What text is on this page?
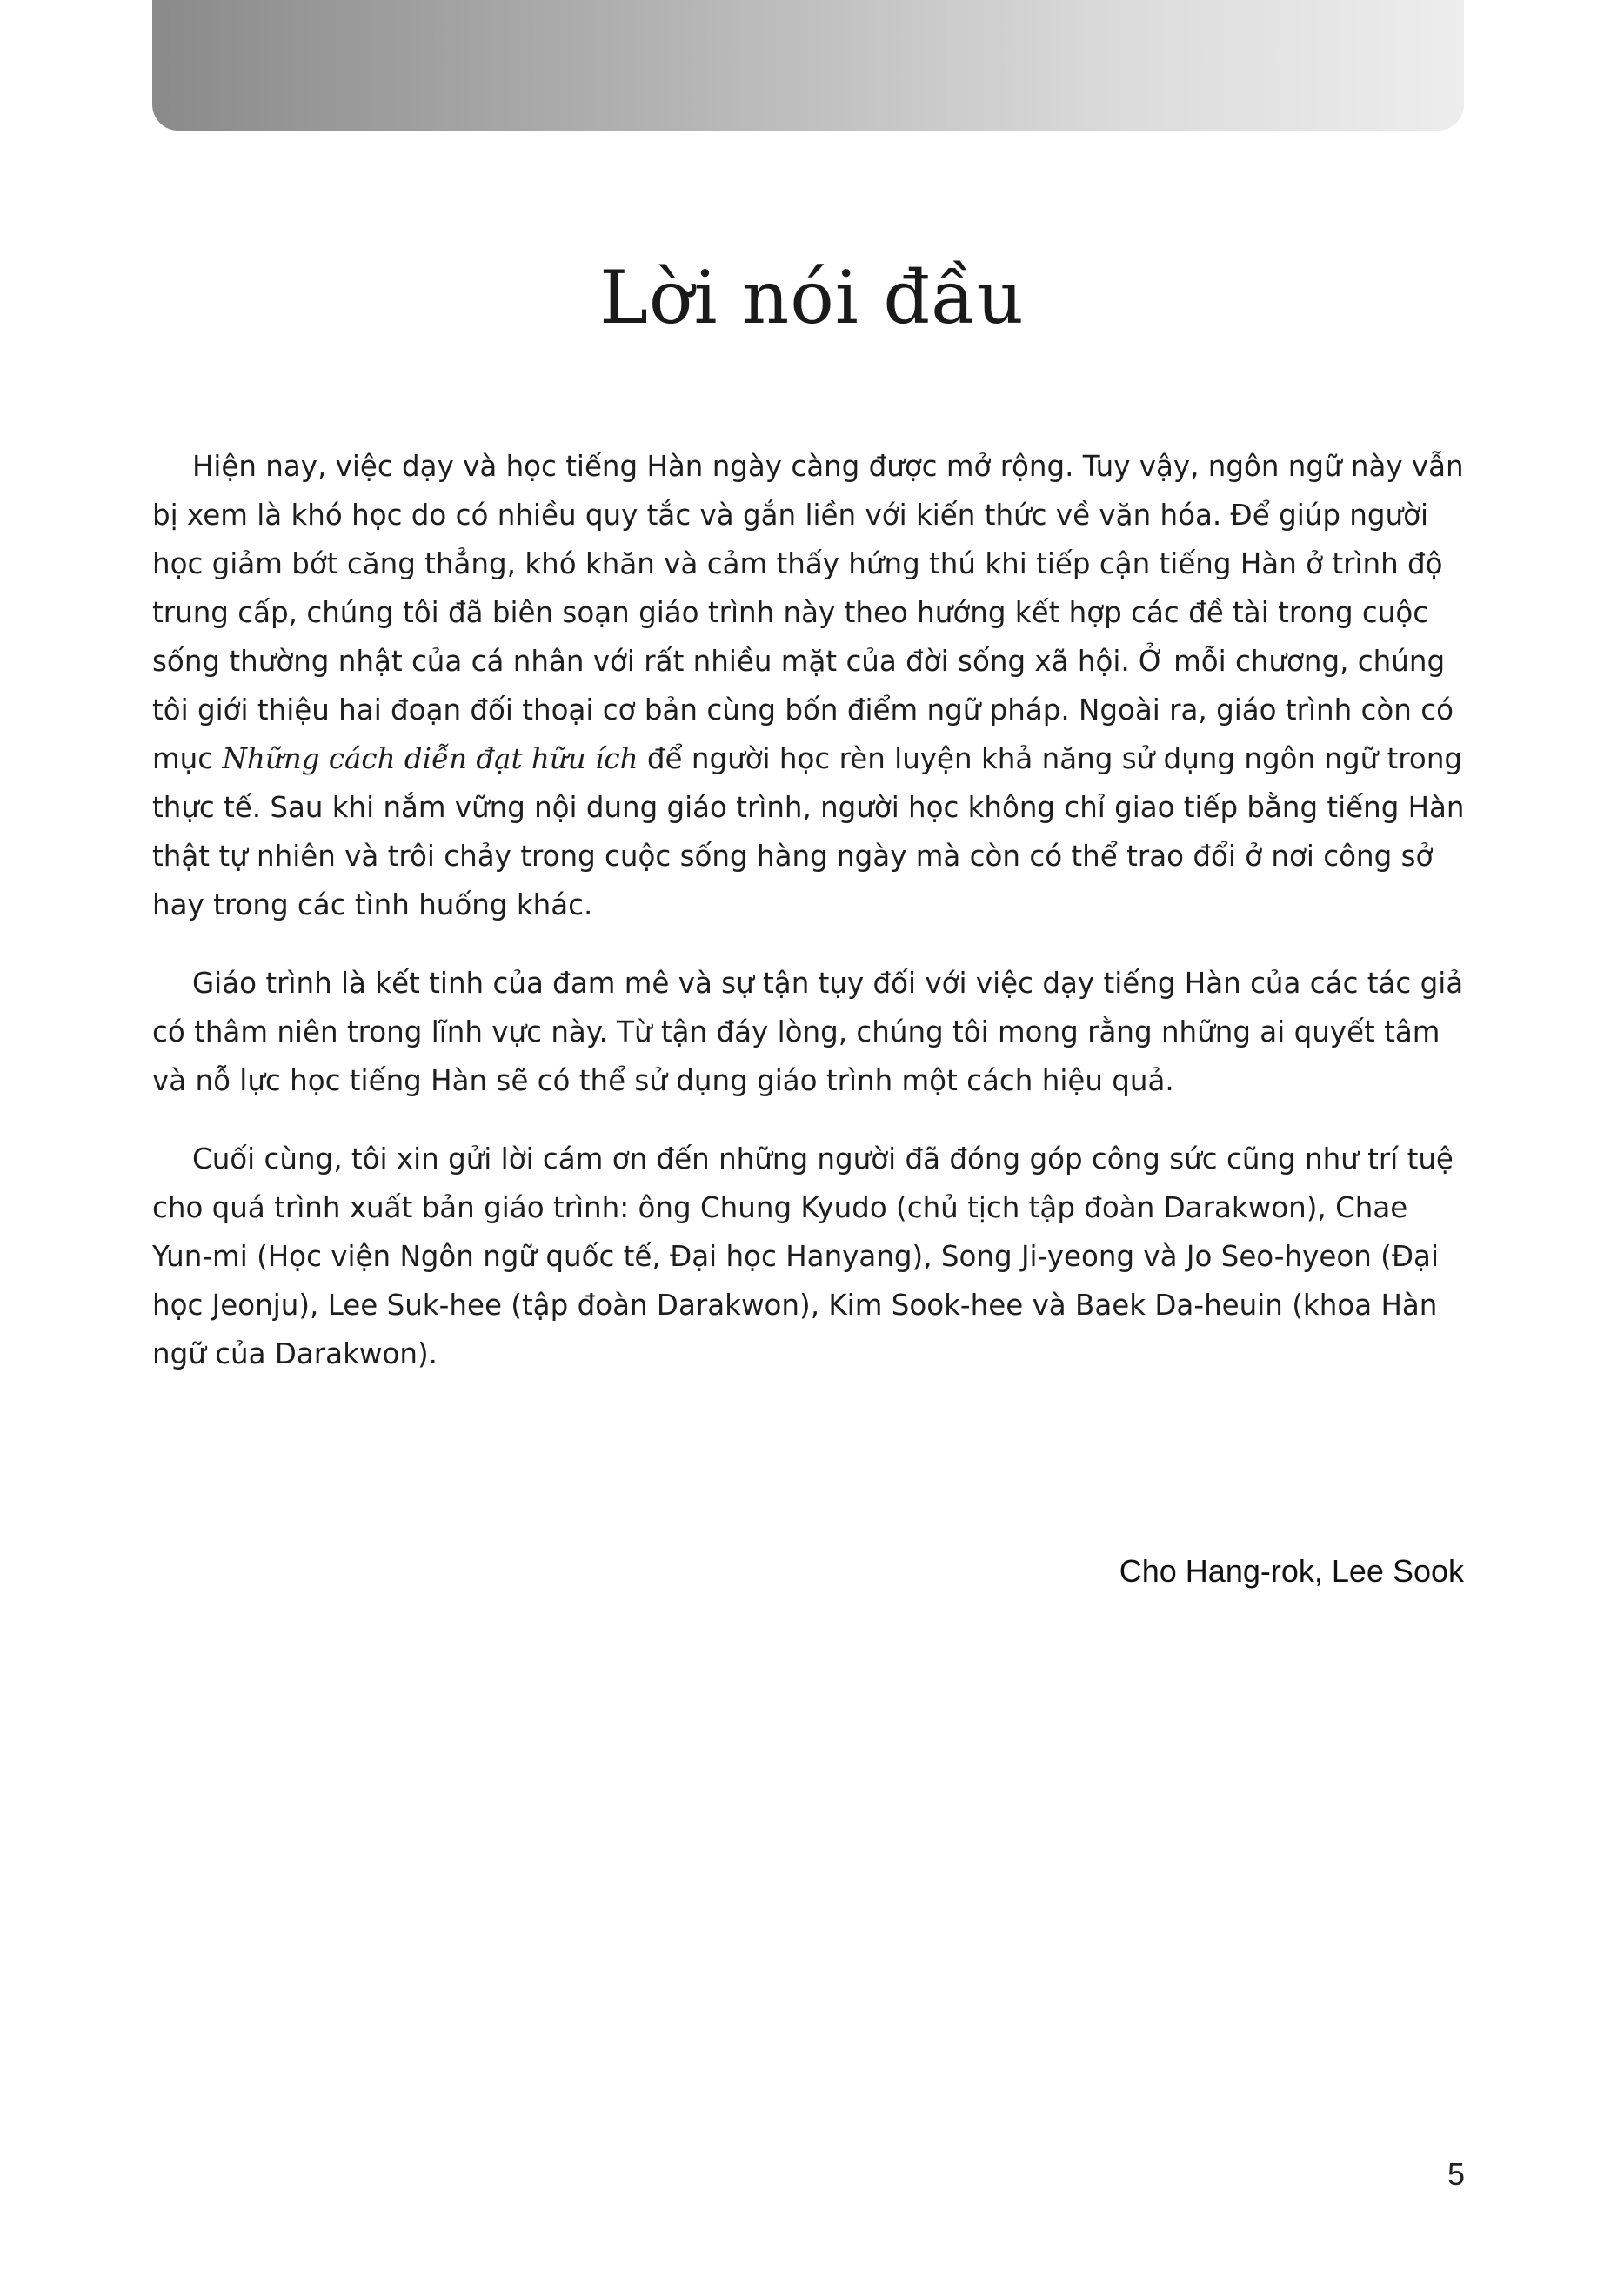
Lời nói đầu

Hiện nay, việc dạy và học tiếng Hàn ngày càng được mở rộng. Tuy vậy, ngôn ngữ này vẫn
bị xem là khó học do có nhiều quy tắc và gắn liền với kiến thức về văn hóa. Để giúp người
học giảm bớt căng thẳng, khó khăn và cảm thấy hứng thú khi tiếp cận tiếng Hàn ở trình độ
trung cấp, chúng tôi đã biên soạn giáo trình này theo hướng kết hợp các đề tài trong cuộc
sống thường nhật của cá nhân với rất nhiều mặt của đời sống xã hội. Ở mỗi chương, chúng
tôi giới thiệu hai đoạn đối thoại cơ bản cùng bốn điểm ngữ pháp. Ngoài ra, giáo trình còn có
mục Những cách diễn đạt hữu ích để người học rèn luyện khả năng sử dụng ngôn ngữ trong
thực tế. Sau khi nắm vững nội dung giáo trình, người học không chỉ giao tiếp bằng tiếng Hàn
thật tự nhiên và trôi chảy trong cuộc sống hàng ngày mà còn có thể trao đổi ở nơi công sở
hay trong các tình huống khác.

Giáo trình là kết tinh của đam mê và sự tận tụy đối với việc dạy tiếng Hàn của các tác giả
có thâm niên trong lĩnh vực này. Từ tận đáy lòng, chúng tôi mong rằng những ai quyết tâm
và nỗ lực học tiếng Hàn sẽ có thể sử dụng giáo trình một cách hiệu quả.

Cuối cùng, tôi xin gửi lời cám ơn đến những người đã đóng góp công sức cũng như trí tuệ
cho quá trình xuất bản giáo trình: ông Chung Kyudo (chủ tịch tập đoàn Darakwon), Chae
Yun-mi (Học viện Ngôn ngữ quốc tế, Đại học Hanyang), Song Ji-yeong và Jo Seo-hyeon (Đại
học Jeonju), Lee Suk-hee (tập đoàn Darakwon), Kim Sook-hee và Baek Da-heuin (khoa Hàn
ngữ của Darakwon).

Cho Hang-rok, Lee Sook
5
